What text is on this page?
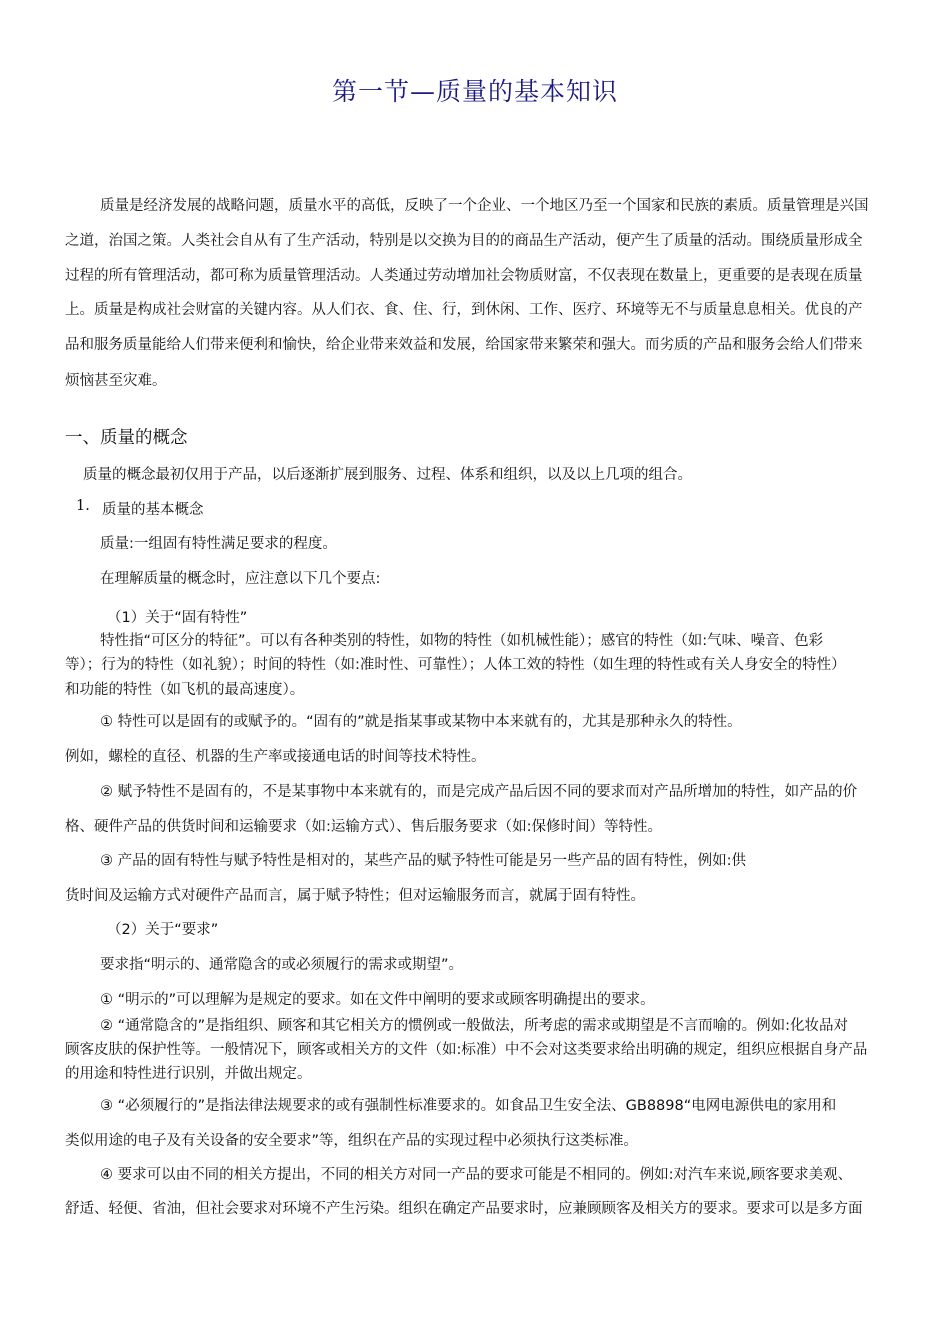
第一节—质量的基本知识
质量是经济发展的战略问题，质量水平的高低，反映了一个企业、一个地区乃至一个国家和民族的素质。质量管理是兴国
之道，治国之策。人类社会自从有了生产活动，特别是以交换为目的的商品生产活动，便产生了质量的活动。围绕质量形成全
过程的所有管理活动，都可称为质量管理活动。人类通过劳动增加社会物质财富，不仅表现在数量上，更重要的是表现在质量
上。质量是构成社会财富的关键内容。从人们衣、食、住、行，到休闲、工作、医疗、环境等无不与质量息息相关。优良的产
品和服务质量能给人们带来便利和愉快，给企业带来效益和发展，给国家带来繁荣和强大。而劣质的产品和服务会给人们带来
烦恼甚至灾难。
一、质量的概念
质量的概念最初仅用于产品，以后逐渐扩展到服务、过程、体系和组织，以及以上几项的组合。
1. 质量的基本概念
质量:一组固有特性满足要求的程度。
在理解质量的概念时，应注意以下几个要点:
（1）关于“固有特性”
特性指“可区分的特征”。可以有各种类别的特性，如物的特性（如机械性能）；感官的特性（如:气味、噪音、色彩
等）；行为的特性（如礼貌）；时间的特性（如:准时性、可靠性）；人体工效的特性（如生理的特性或有关人身安全的特性）
和功能的特性（如飞机的最高速度）。
① 特性可以是固有的或赋予的。“固有的”就是指某事或某物中本来就有的，尤其是那种永久的特性。
例如，螺栓的直径、机器的生产率或接通电话的时间等技术特性。
② 赋予特性不是固有的，不是某事物中本来就有的，而是完成产品后因不同的要求而对产品所增加的特性，如产品的价
格、硬件产品的供货时间和运输要求（如:运输方式）、售后服务要求（如:保修时间）等特性。
③ 产品的固有特性与赋予特性是相对的，某些产品的赋予特性可能是另一些产品的固有特性，例如:供
货时间及运输方式对硬件产品而言，属于赋予特性；但对运输服务而言，就属于固有特性。
（2）关于“要求”
要求指“明示的、通常隐含的或必须履行的需求或期望”。
① “明示的”可以理解为是规定的要求。如在文件中阐明的要求或顾客明确提出的要求。
② “通常隐含的”是指组织、顾客和其它相关方的惯例或一般做法，所考虑的需求或期望是不言而喻的。例如:化妆品对
顾客皮肤的保护性等。一般情况下，顾客或相关方的文件（如:标准）中不会对这类要求给出明确的规定，组织应根据自身产品
的用途和特性进行识别，并做出规定。
③ “必须履行的”是指法律法规要求的或有强制性标准要求的。如食品卫生安全法、GB8898“电网电源供电的家用和
类似用途的电子及有关设备的安全要求”等，组织在产品的实现过程中必须执行这类标准。
④ 要求可以由不同的相关方提出，不同的相关方对同一产品的要求可能是不相同的。例如:对汽车来说,顾客要求美观、
舒适、轻便、省油，但社会要求对环境不产生污染。组织在确定产品要求时，应兼顾顾客及相关方的要求。要求可以是多方面
